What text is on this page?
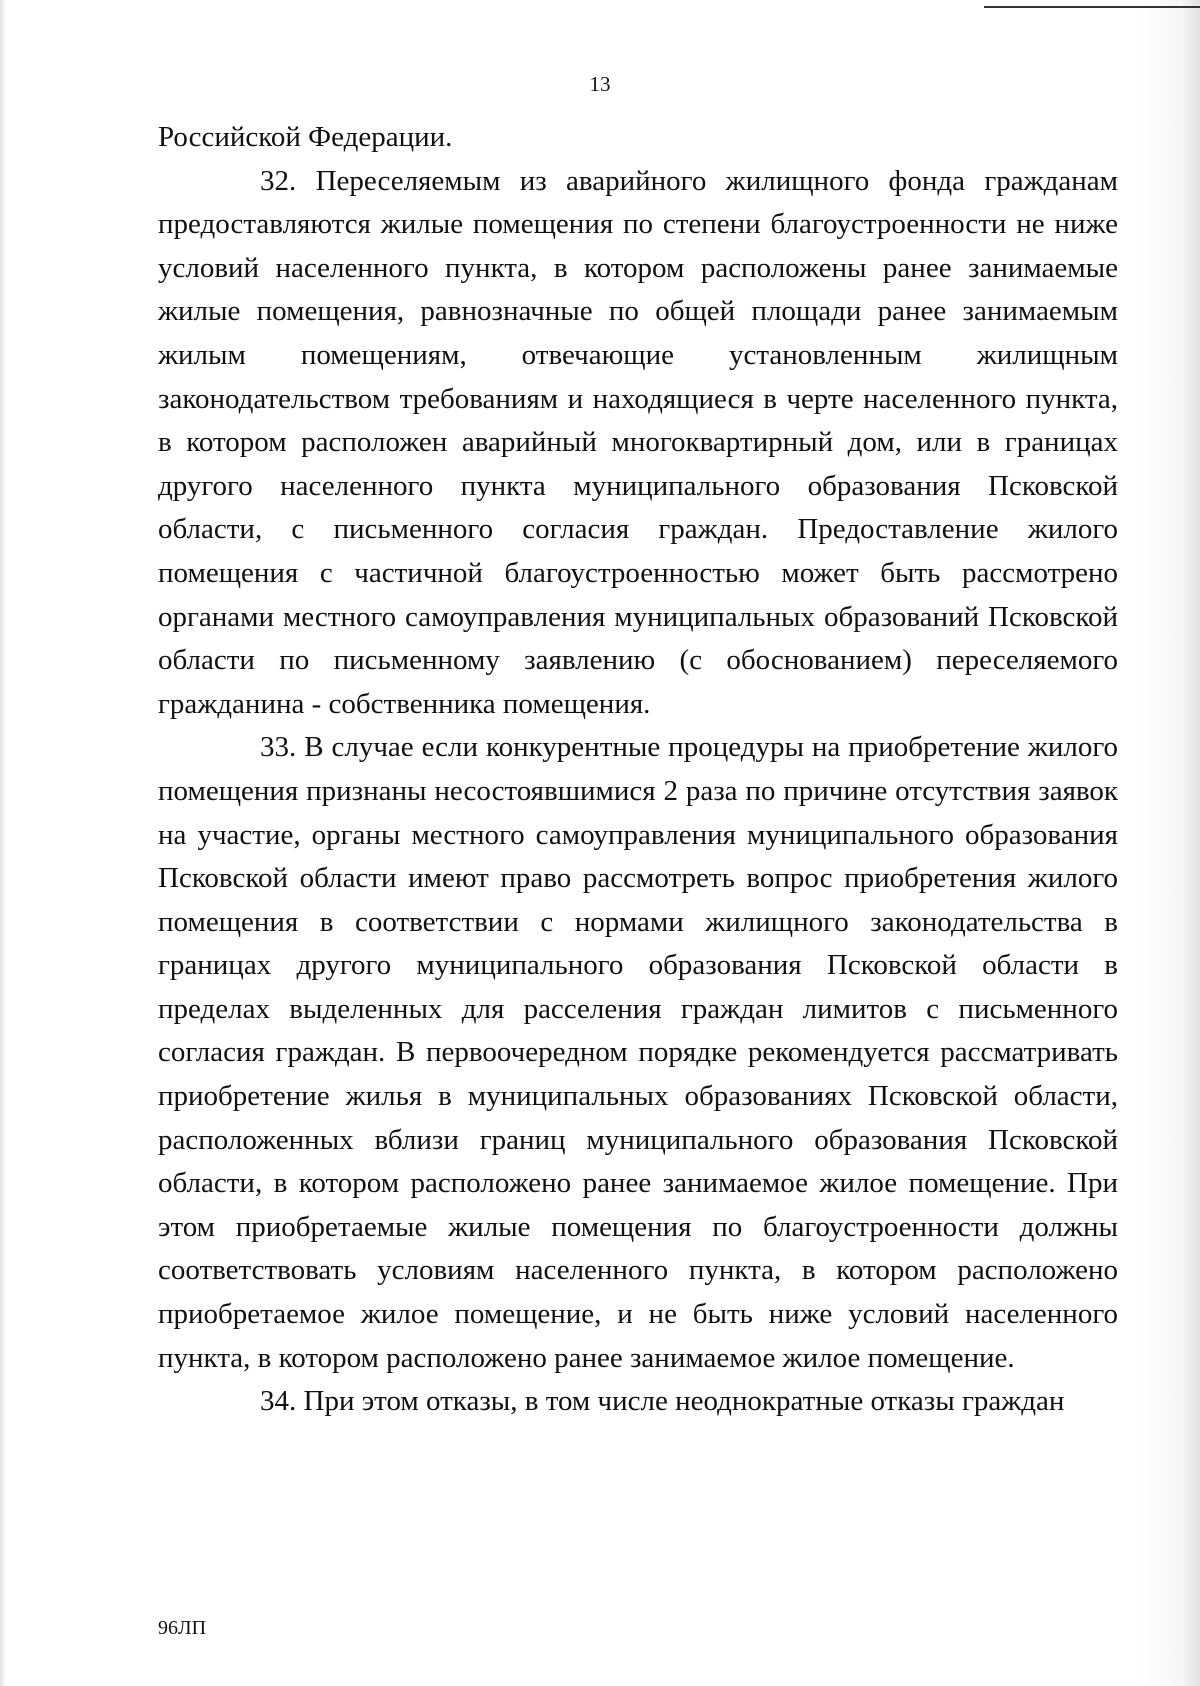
13

Российской Федерации.

32. Переселяемым из аварийного жилищного фонда гражданам предоставляются жилые помещения по степени благоустроенности не ниже условий населенного пункта, в котором расположены ранее занимаемые жилые помещения, равнозначные по общей площади ранее занимаемым жилым помещениям, отвечающие установленным жилищным законодательством требованиям и находящиеся в черте населенного пункта, в котором расположен аварийный многоквартирный дом, или в границах другого населенного пункта муниципального образования Псковской области, с письменного согласия граждан. Предоставление жилого помещения с частичной благоустроенностью может быть рассмотрено органами местного самоуправления муниципальных образований Псковской области по письменному заявлению (с обоснованием) переселяемого гражданина - собственника помещения.

33. В случае если конкурентные процедуры на приобретение жилого помещения признаны несостоявшимися 2 раза по причине отсутствия заявок на участие, органы местного самоуправления муниципального образования Псковской области имеют право рассмотреть вопрос приобретения жилого помещения в соответствии с нормами жилищного законодательства в границах другого муниципального образования Псковской области в пределах выделенных для расселения граждан лимитов с письменного согласия граждан. В первоочередном порядке рекомендуется рассматривать приобретение жилья в муниципальных образованиях Псковской области, расположенных вблизи границ муниципального образования Псковской области, в котором расположено ранее занимаемое жилое помещение. При этом приобретаемые жилые помещения по благоустроенности должны соответствовать условиям населенного пункта, в котором расположено приобретаемое жилое помещение, и не быть ниже условий населенного пункта, в котором расположено ранее занимаемое жилое помещение.

34. При этом отказы, в том числе неоднократные отказы граждан

96ЛП
